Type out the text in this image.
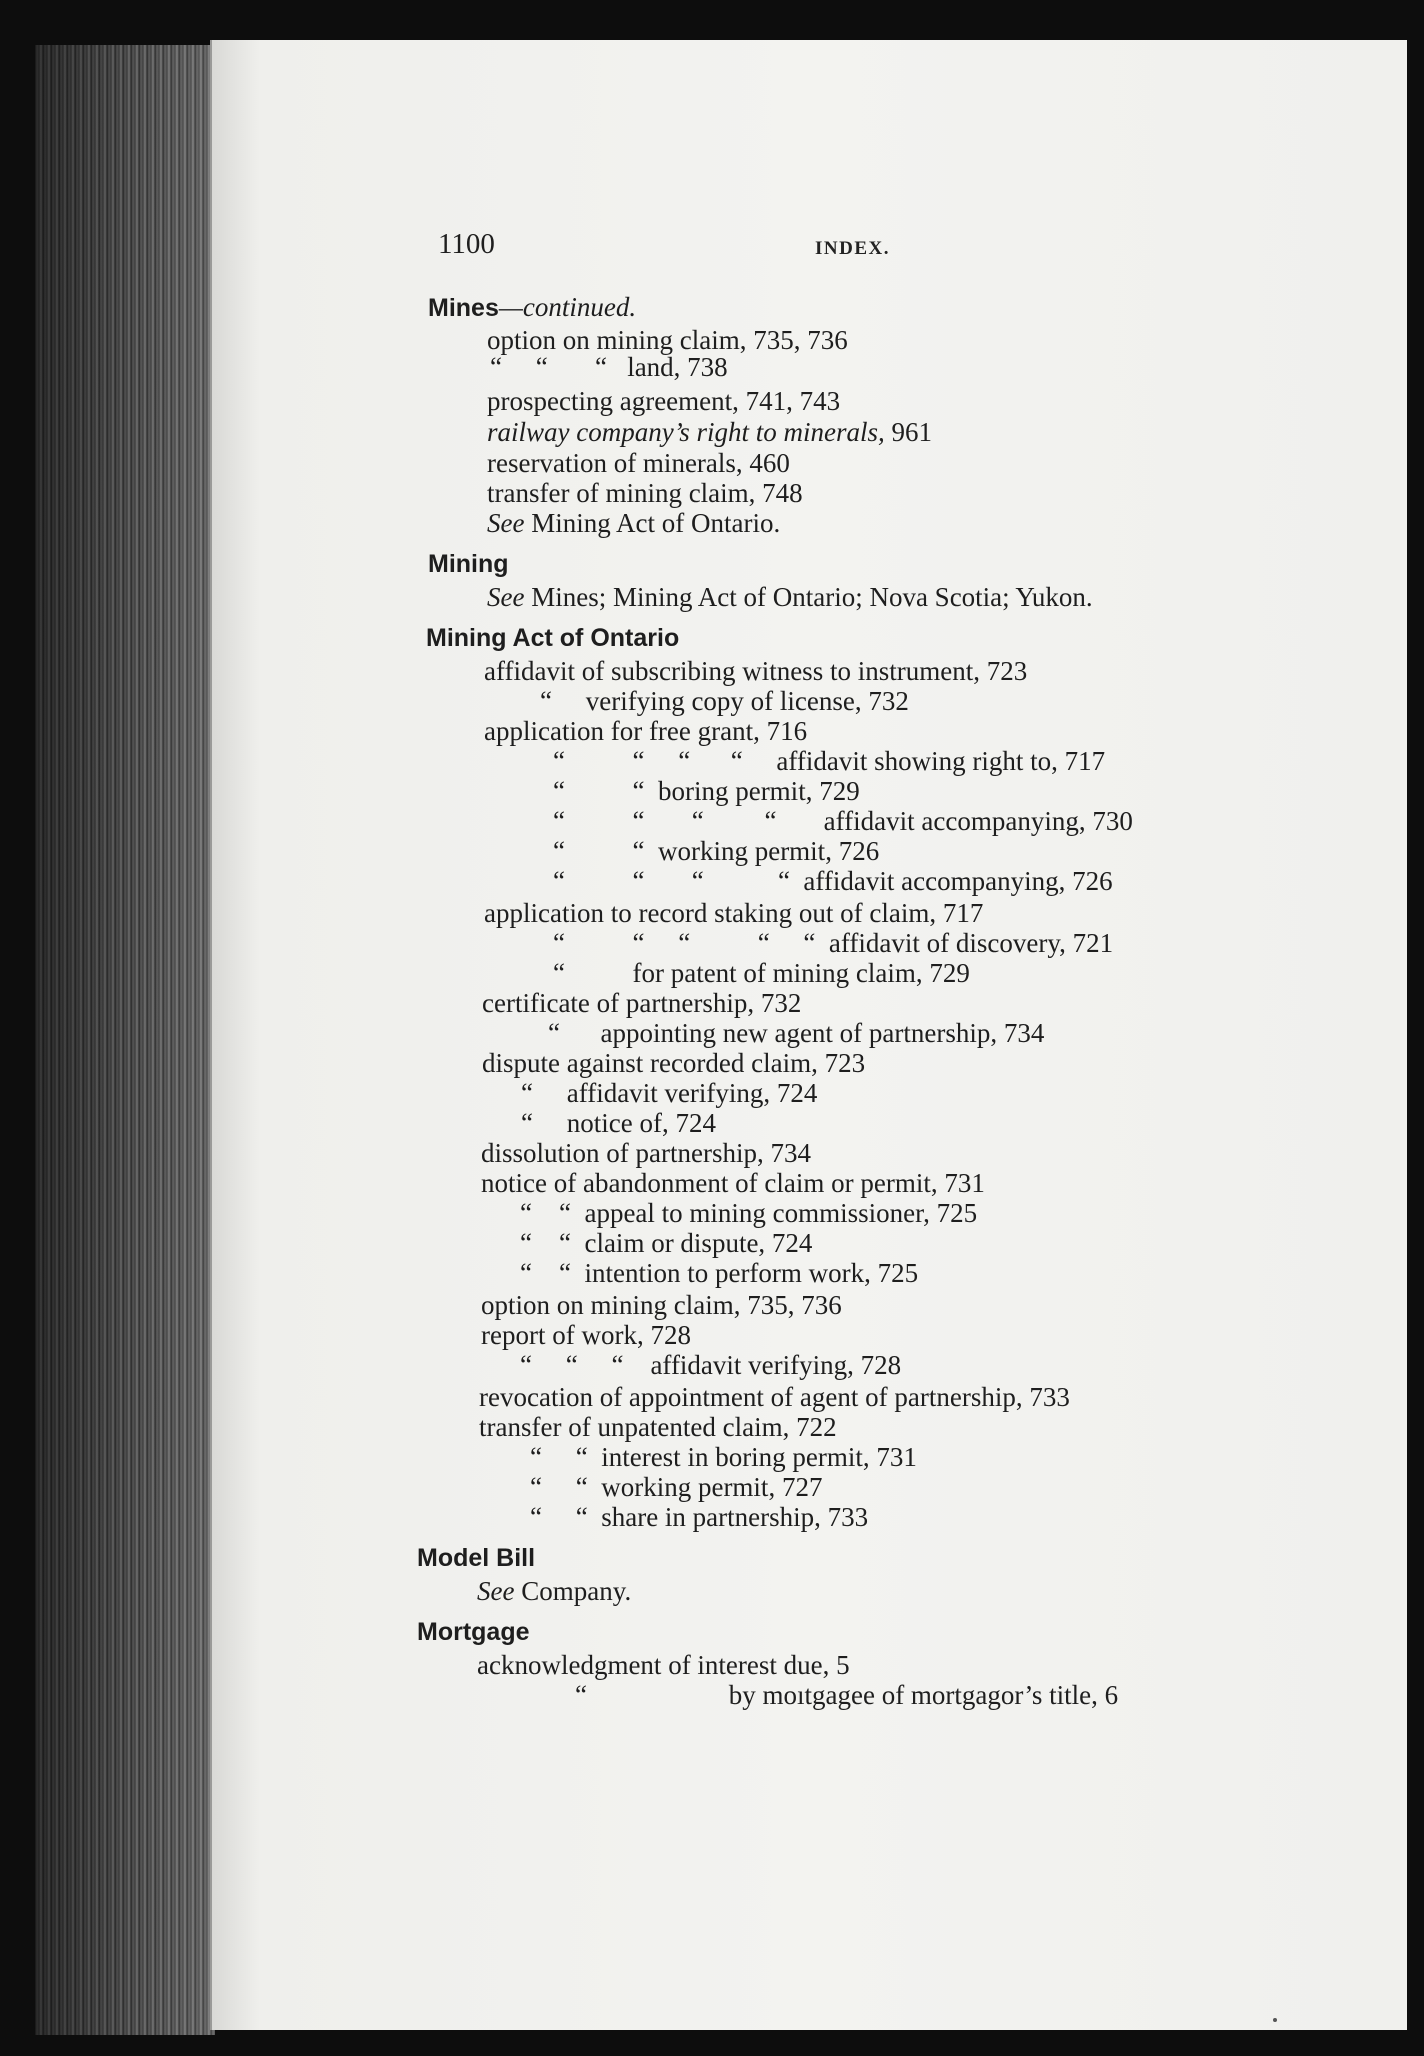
1100	INDEX.
Mines—continued.
option on mining claim, 735, 736
“     “       “   land, 738
prospecting agreement, 741, 743
railway company’s right to minerals, 961
reservation of minerals, 460
transfer of mining claim, 748
See Mining Act of Ontario.
Mining
See Mines; Mining Act of Ontario; Nova Scotia; Yukon.
Mining Act of Ontario
affidavit of subscribing witness to instrument, 723
“     verifying copy of license, 732
application for free grant, 716
“          “     “      “     affidavit showing right to, 717
“          “  boring permit, 729
“          “       “         “       affidavit accompanying, 730
“          “  working permit, 726
“          “       “           “  affidavit accompanying, 726
application to record staking out of claim, 717
“          “     “          “     “  affidavit of discovery, 721
“          for patent of mining claim, 729
certificate of partnership, 732
“      appointing new agent of partnership, 734
dispute against recorded claim, 723
“     affidavit verifying, 724
“     notice of, 724
dissolution of partnership, 734
notice of abandonment of claim or permit, 731
“    “  appeal to mining commissioner, 725
“    “  claim or dispute, 724
“    “  intention to perform work, 725
option on mining claim, 735, 736
report of work, 728
“     “     “    affidavit verifying, 728
revocation of appointment of agent of partnership, 733
transfer of unpatented claim, 722
“     “  interest in boring permit, 731
“     “  working permit, 727
“     “  share in partnership, 733
Model Bill
See Company.
Mortgage
acknowledgment of interest due, 5
“                     by moıtgagee of mortgagor’s title, 6
